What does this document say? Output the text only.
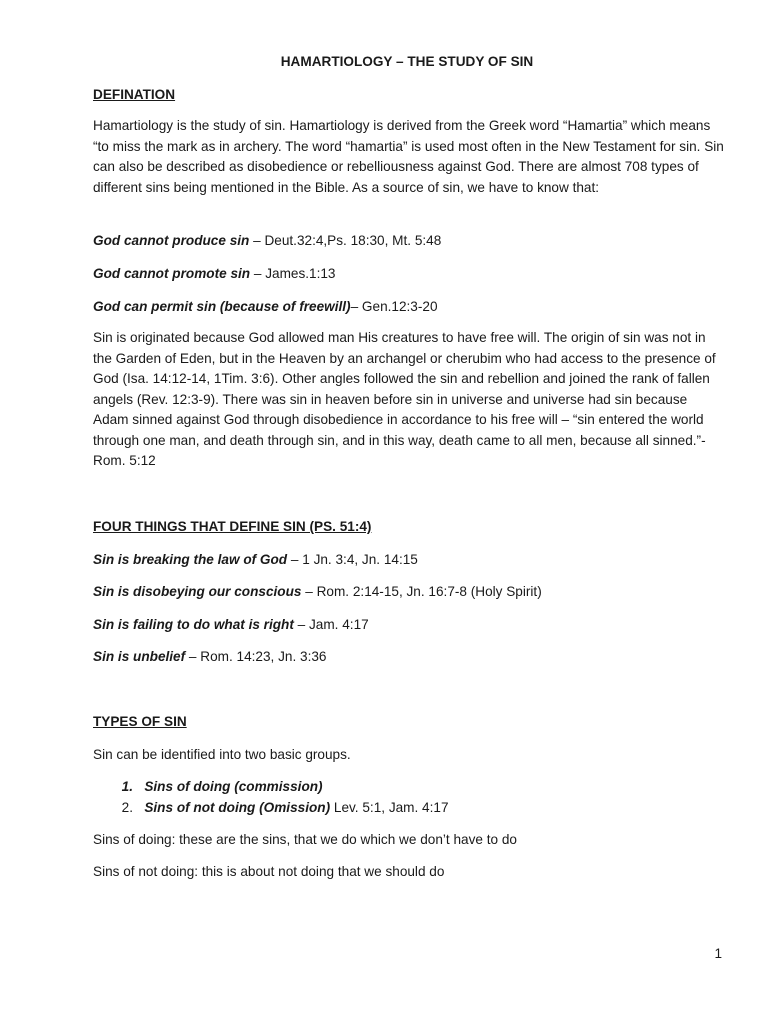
HAMARTIOLOGY – THE STUDY OF SIN
DEFINATION

Hamartiology is the study of sin. Hamartiology is derived from the Greek word “Hamartia” which means “to miss the mark as in archery. The word “hamartia” is used most often in the New Testament for sin. Sin can also be described as disobedience or rebelliousness against God. There are almost 708 types of different sins being mentioned in the Bible. As a source of sin, we have to know that:

God cannot produce sin – Deut.32:4,Ps. 18:30, Mt. 5:48
God cannot promote sin – James.1:13
God can permit sin (because of freewill)– Gen.12:3-20

Sin is originated because God allowed man His creatures to have free will. The origin of sin was not in the Garden of Eden, but in the Heaven by an archangel or cherubim who had access to the presence of God (Isa. 14:12-14, 1Tim. 3:6). Other angles followed the sin and rebellion and joined the rank of fallen angels (Rev. 12:3-9). There was sin in heaven before sin in universe and universe had sin because Adam sinned against God through disobedience in accordance to his free will – “sin entered the world through one man, and death through sin, and in this way, death came to all men, because all sinned.”- Rom. 5:12

FOUR THINGS THAT DEFINE SIN (PS. 51:4)
Sin is breaking the law of God – 1 Jn. 3:4, Jn. 14:15
Sin is disobeying our conscious – Rom. 2:14-15, Jn. 16:7-8 (Holy Spirit)
Sin is failing to do what is right – Jam. 4:17
Sin is unbelief – Rom. 14:23, Jn. 3:36
TYPES OF SIN
Sin can be identified into two basic groups.
1. Sins of doing (commission)
2. Sins of not doing (Omission) Lev. 5:1, Jam. 4:17
Sins of doing: these are the sins, that we do which we don’t have to do
Sins of not doing: this is about not doing that we should do
1
